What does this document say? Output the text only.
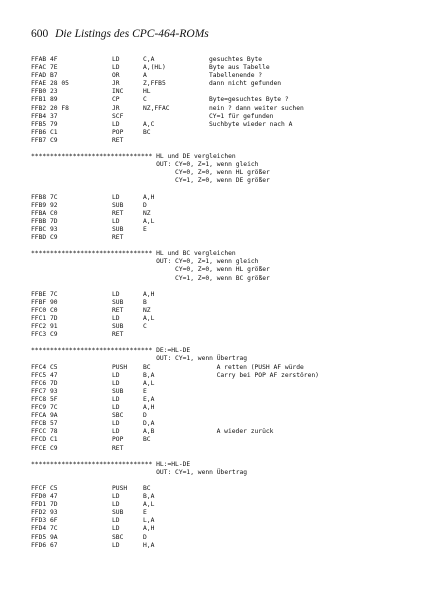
600 Die Listings des CPC-464-ROMs
FFAB 4F	LD	C,A	gesuchtes Byte
FFAC 7E	LD	A,(HL)	Byte aus Tabelle
FFAD B7	OR	A	Tabellenende ?
FFAE 28 05	JR	Z,FFB5	dann nicht gefunden
FFB0 23	INC	HL
FFB1 89	CP	C	Byte=gesuchtes Byte ?
FFB2 20 F8	JR	NZ,FFAC	nein ? dann weiter suchen
FFB4 37	SCF	CY=1 für gefunden
FFB5 79	LD	A,C	Suchbyte wieder nach A
FFB6 C1	POP	BC
FFB7 C9	RET
******************************** HL und DE vergleichen
OUT: CY=0, Z=1, wenn gleich
CY=0, Z=0, wenn HL größer
CY=1, Z=0, wenn DE größer
FFB8 7C	LD	A,H
FFB9 92	SUB	D
FFBA C0	RET	NZ
FFBB 7D	LD	A,L
FFBC 93	SUB	E
FFBD C9	RET
******************************** HL und BC vergleichen
OUT: CY=0, Z=1, wenn gleich
CY=0, Z=0, wenn HL größer
CY=1, Z=0, wenn BC größer
FFBE 7C	LD	A,H
FFBF 90	SUB	B
FFC0 C0	RET	NZ
FFC1 7D	LD	A,L
FFC2 91	SUB	C
FFC3 C9	RET
******************************** DE:=HL-DE
OUT: CY=1, wenn Übertrag
FFC4 C5	PUSH	BC	A retten (PUSH AF würde
FFC5 47	LD	B,A	Carry bei POP AF zerstören)
FFC6 7D	LD	A,L
FFC7 93	SUB	E
FFC8 5F	LD	E,A
FFC9 7C	LD	A,H
FFCA 9A	SBC	D
FFCB 57	LD	D,A
FFCC 78	LD	A,B	A wieder zurück
FFCD C1	POP	BC
FFCE C9	RET
******************************** HL:=HL-DE
OUT: CY=1, wenn Übertrag
FFCF C5	PUSH	BC
FFD0 47	LD	B,A
FFD1 7D	LD	A,L
FFD2 93	SUB	E
FFD3 6F	LD	L,A
FFD4 7C	LD	A,H
FFD5 9A	SBC	D
FFD6 67	LD	H,A
